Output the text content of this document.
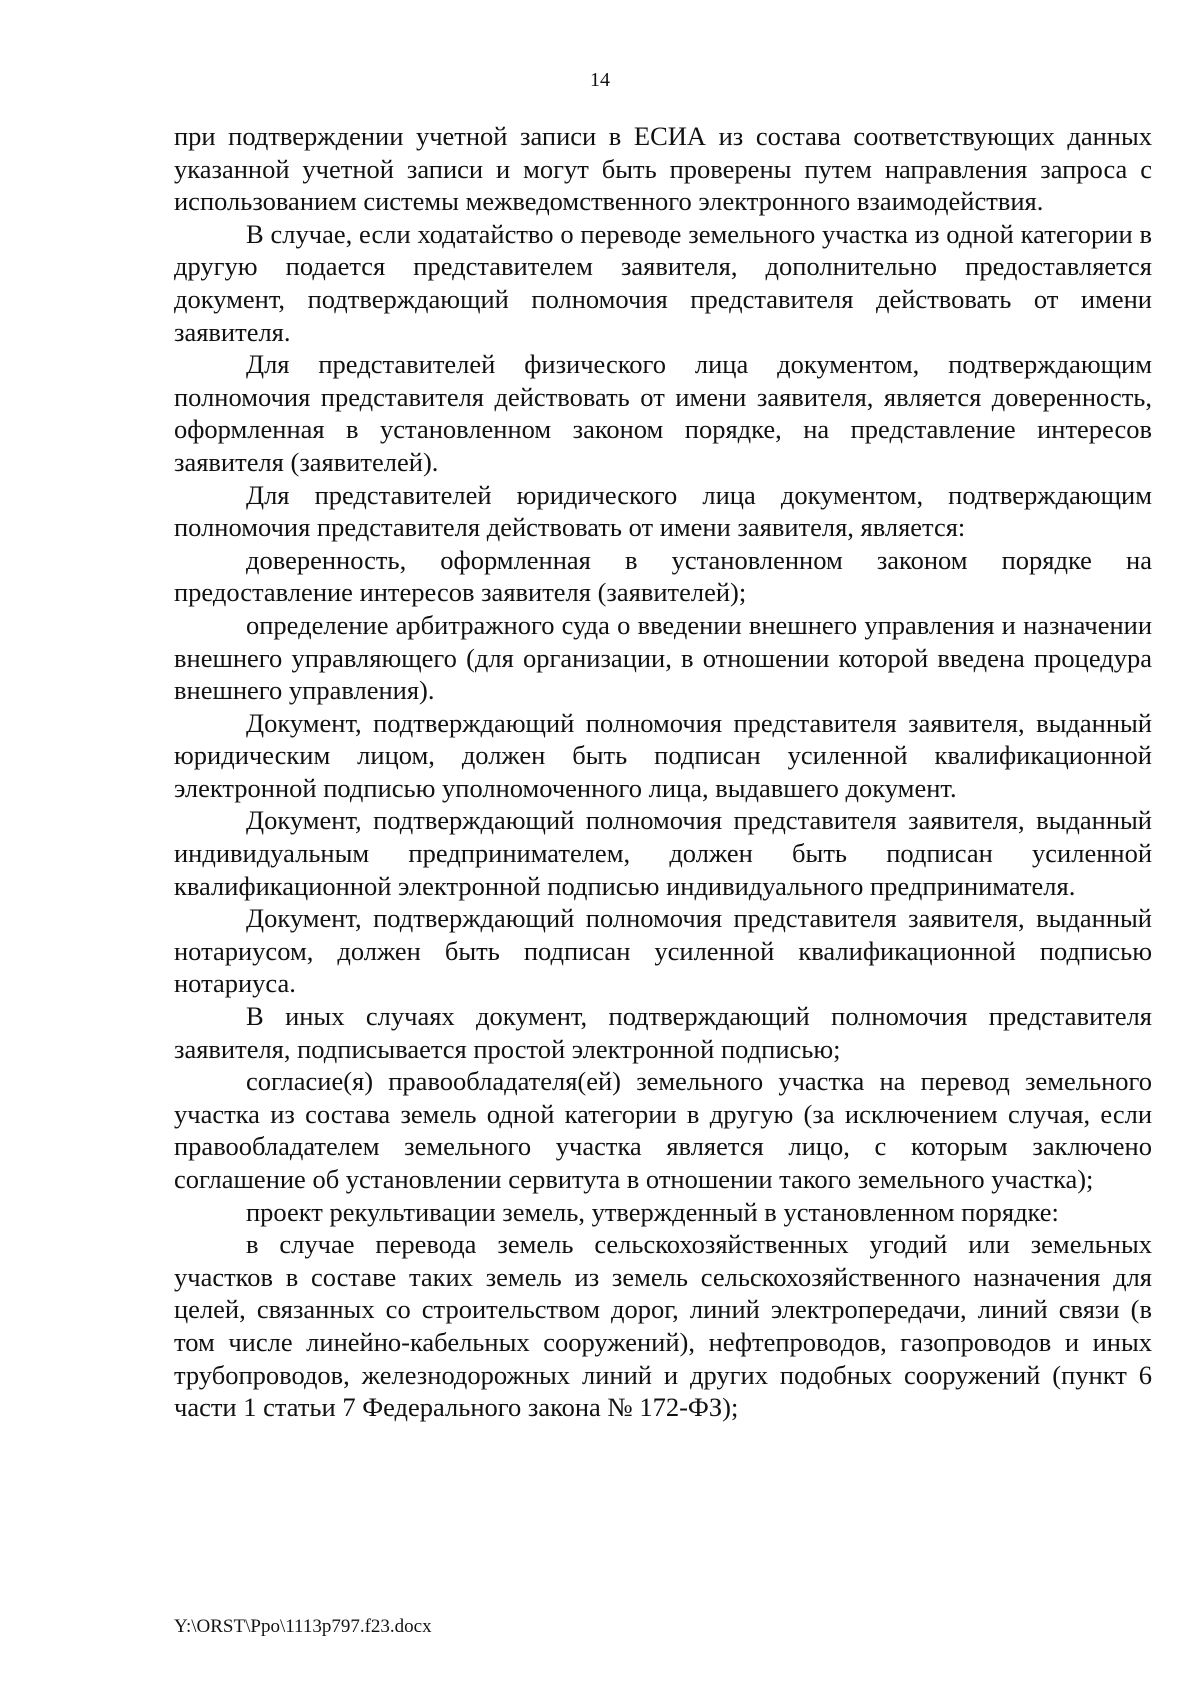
14

при подтверждении учетной записи в ЕСИА из состава соответствующих данных указанной учетной записи и могут быть проверены путем направления запроса с использованием системы межведомственного электронного взаимодействия.

В случае, если ходатайство о переводе земельного участка из одной категории в другую подается представителем заявителя, дополнительно предоставляется документ, подтверждающий полномочия представителя действовать от имени заявителя.

Для представителей физического лица документом, подтверждающим полномочия представителя действовать от имени заявителя, является доверенность, оформленная в установленном законом порядке, на представление интересов заявителя (заявителей).

Для представителей юридического лица документом, подтверждающим полномочия представителя действовать от имени заявителя, является:

доверенность, оформленная в установленном законом порядке на предоставление интересов заявителя (заявителей);

определение арбитражного суда о введении внешнего управления и назначении внешнего управляющего (для организации, в отношении которой введена процедура внешнего управления).

Документ, подтверждающий полномочия представителя заявителя, выданный юридическим лицом, должен быть подписан усиленной квалификационной электронной подписью уполномоченного лица, выдавшего документ.

Документ, подтверждающий полномочия представителя заявителя, выданный индивидуальным предпринимателем, должен быть подписан усиленной квалификационной электронной подписью индивидуального предпринимателя.

Документ, подтверждающий полномочия представителя заявителя, выданный нотариусом, должен быть подписан усиленной квалификационной подписью нотариуса.

В иных случаях документ, подтверждающий полномочия представителя заявителя, подписывается простой электронной подписью;

согласие(я) правообладателя(ей) земельного участка на перевод земельного участка из состава земель одной категории в другую (за исключением случая, если правообладателем земельного участка является лицо, с которым заключено соглашение об установлении сервитута в отношении такого земельного участка);

проект рекультивации земель, утвержденный в установленном порядке:

в случае перевода земель сельскохозяйственных угодий или земельных участков в составе таких земель из земель сельскохозяйственного назначения для целей, связанных со строительством дорог, линий электропередачи, линий связи (в том числе линейно-кабельных сооружений), нефтепроводов, газопроводов и иных трубопроводов, железнодорожных линий и других подобных сооружений (пункт 6 части 1 статьи 7 Федерального закона № 172-ФЗ);

Y:\ORST\Ppo\1113p797.f23.docx
